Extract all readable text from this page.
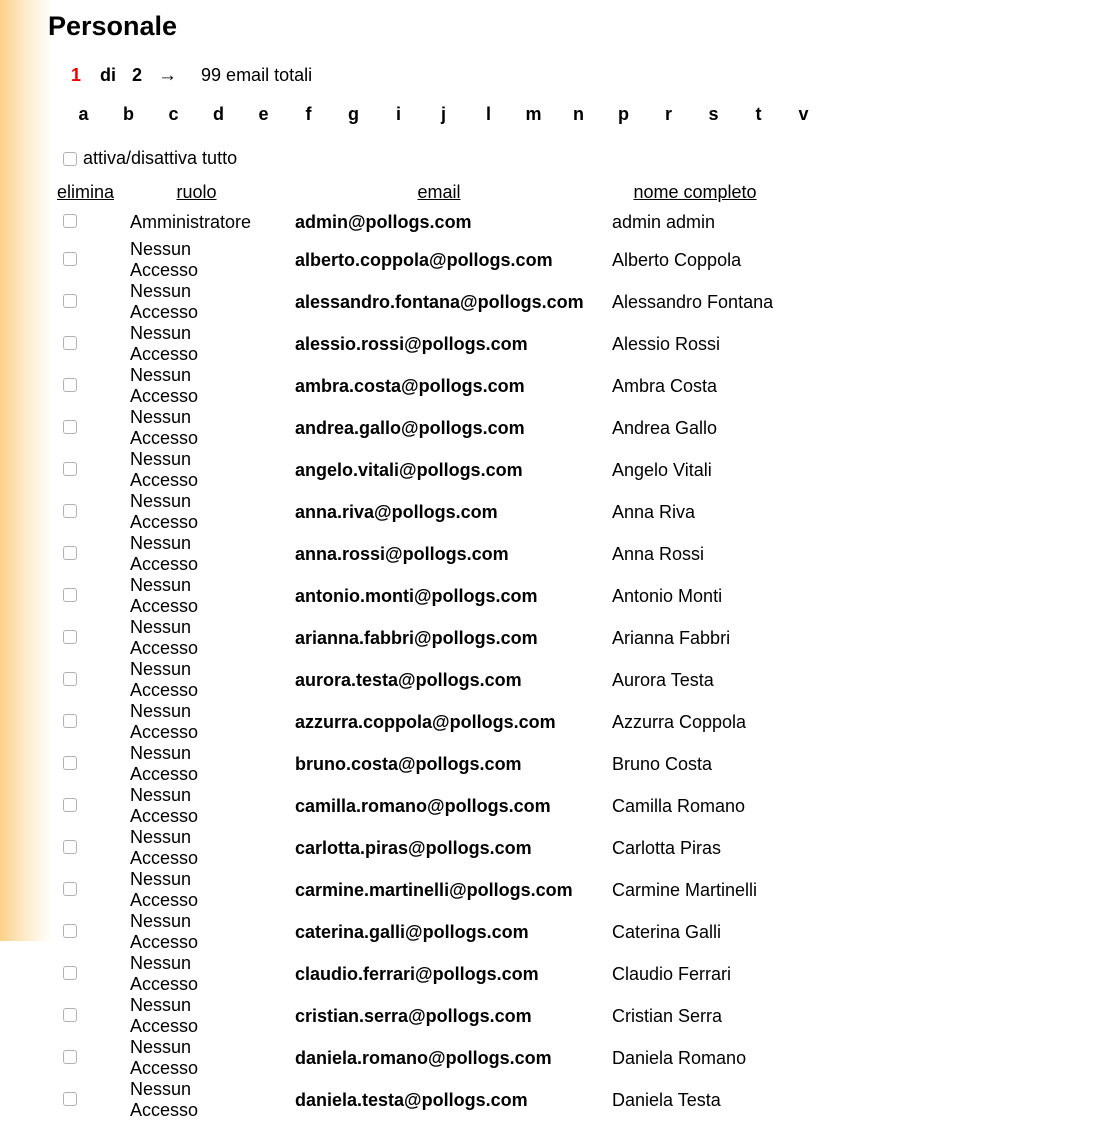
Personale
1 di 2 → 99 email totali
a	b	c	d	e	f	g	i	j	l	m	n	p	r	s	t	v
attiva/disattiva tutto
elimina	ruolo	email	nome completo
	Amministratore	admin@pollogs.com	admin admin
	Nessun Accesso	alberto.coppola@pollogs.com	Alberto Coppola
	Nessun Accesso	alessandro.fontana@pollogs.com	Alessandro Fontana
	Nessun Accesso	alessio.rossi@pollogs.com	Alessio Rossi
	Nessun Accesso	ambra.costa@pollogs.com	Ambra Costa
	Nessun Accesso	andrea.gallo@pollogs.com	Andrea Gallo
	Nessun Accesso	angelo.vitali@pollogs.com	Angelo Vitali
	Nessun Accesso	anna.riva@pollogs.com	Anna Riva
	Nessun Accesso	anna.rossi@pollogs.com	Anna Rossi
	Nessun Accesso	antonio.monti@pollogs.com	Antonio Monti
	Nessun Accesso	arianna.fabbri@pollogs.com	Arianna Fabbri
	Nessun Accesso	aurora.testa@pollogs.com	Aurora Testa
	Nessun Accesso	azzurra.coppola@pollogs.com	Azzurra Coppola
	Nessun Accesso	bruno.costa@pollogs.com	Bruno Costa
	Nessun Accesso	camilla.romano@pollogs.com	Camilla Romano
	Nessun Accesso	carlotta.piras@pollogs.com	Carlotta Piras
	Nessun Accesso	carmine.martinelli@pollogs.com	Carmine Martinelli
	Nessun Accesso	caterina.galli@pollogs.com	Caterina Galli
	Nessun Accesso	claudio.ferrari@pollogs.com	Claudio Ferrari
	Nessun Accesso	cristian.serra@pollogs.com	Cristian Serra
	Nessun Accesso	daniela.romano@pollogs.com	Daniela Romano
	Nessun Accesso	daniela.testa@pollogs.com	Daniela Testa
